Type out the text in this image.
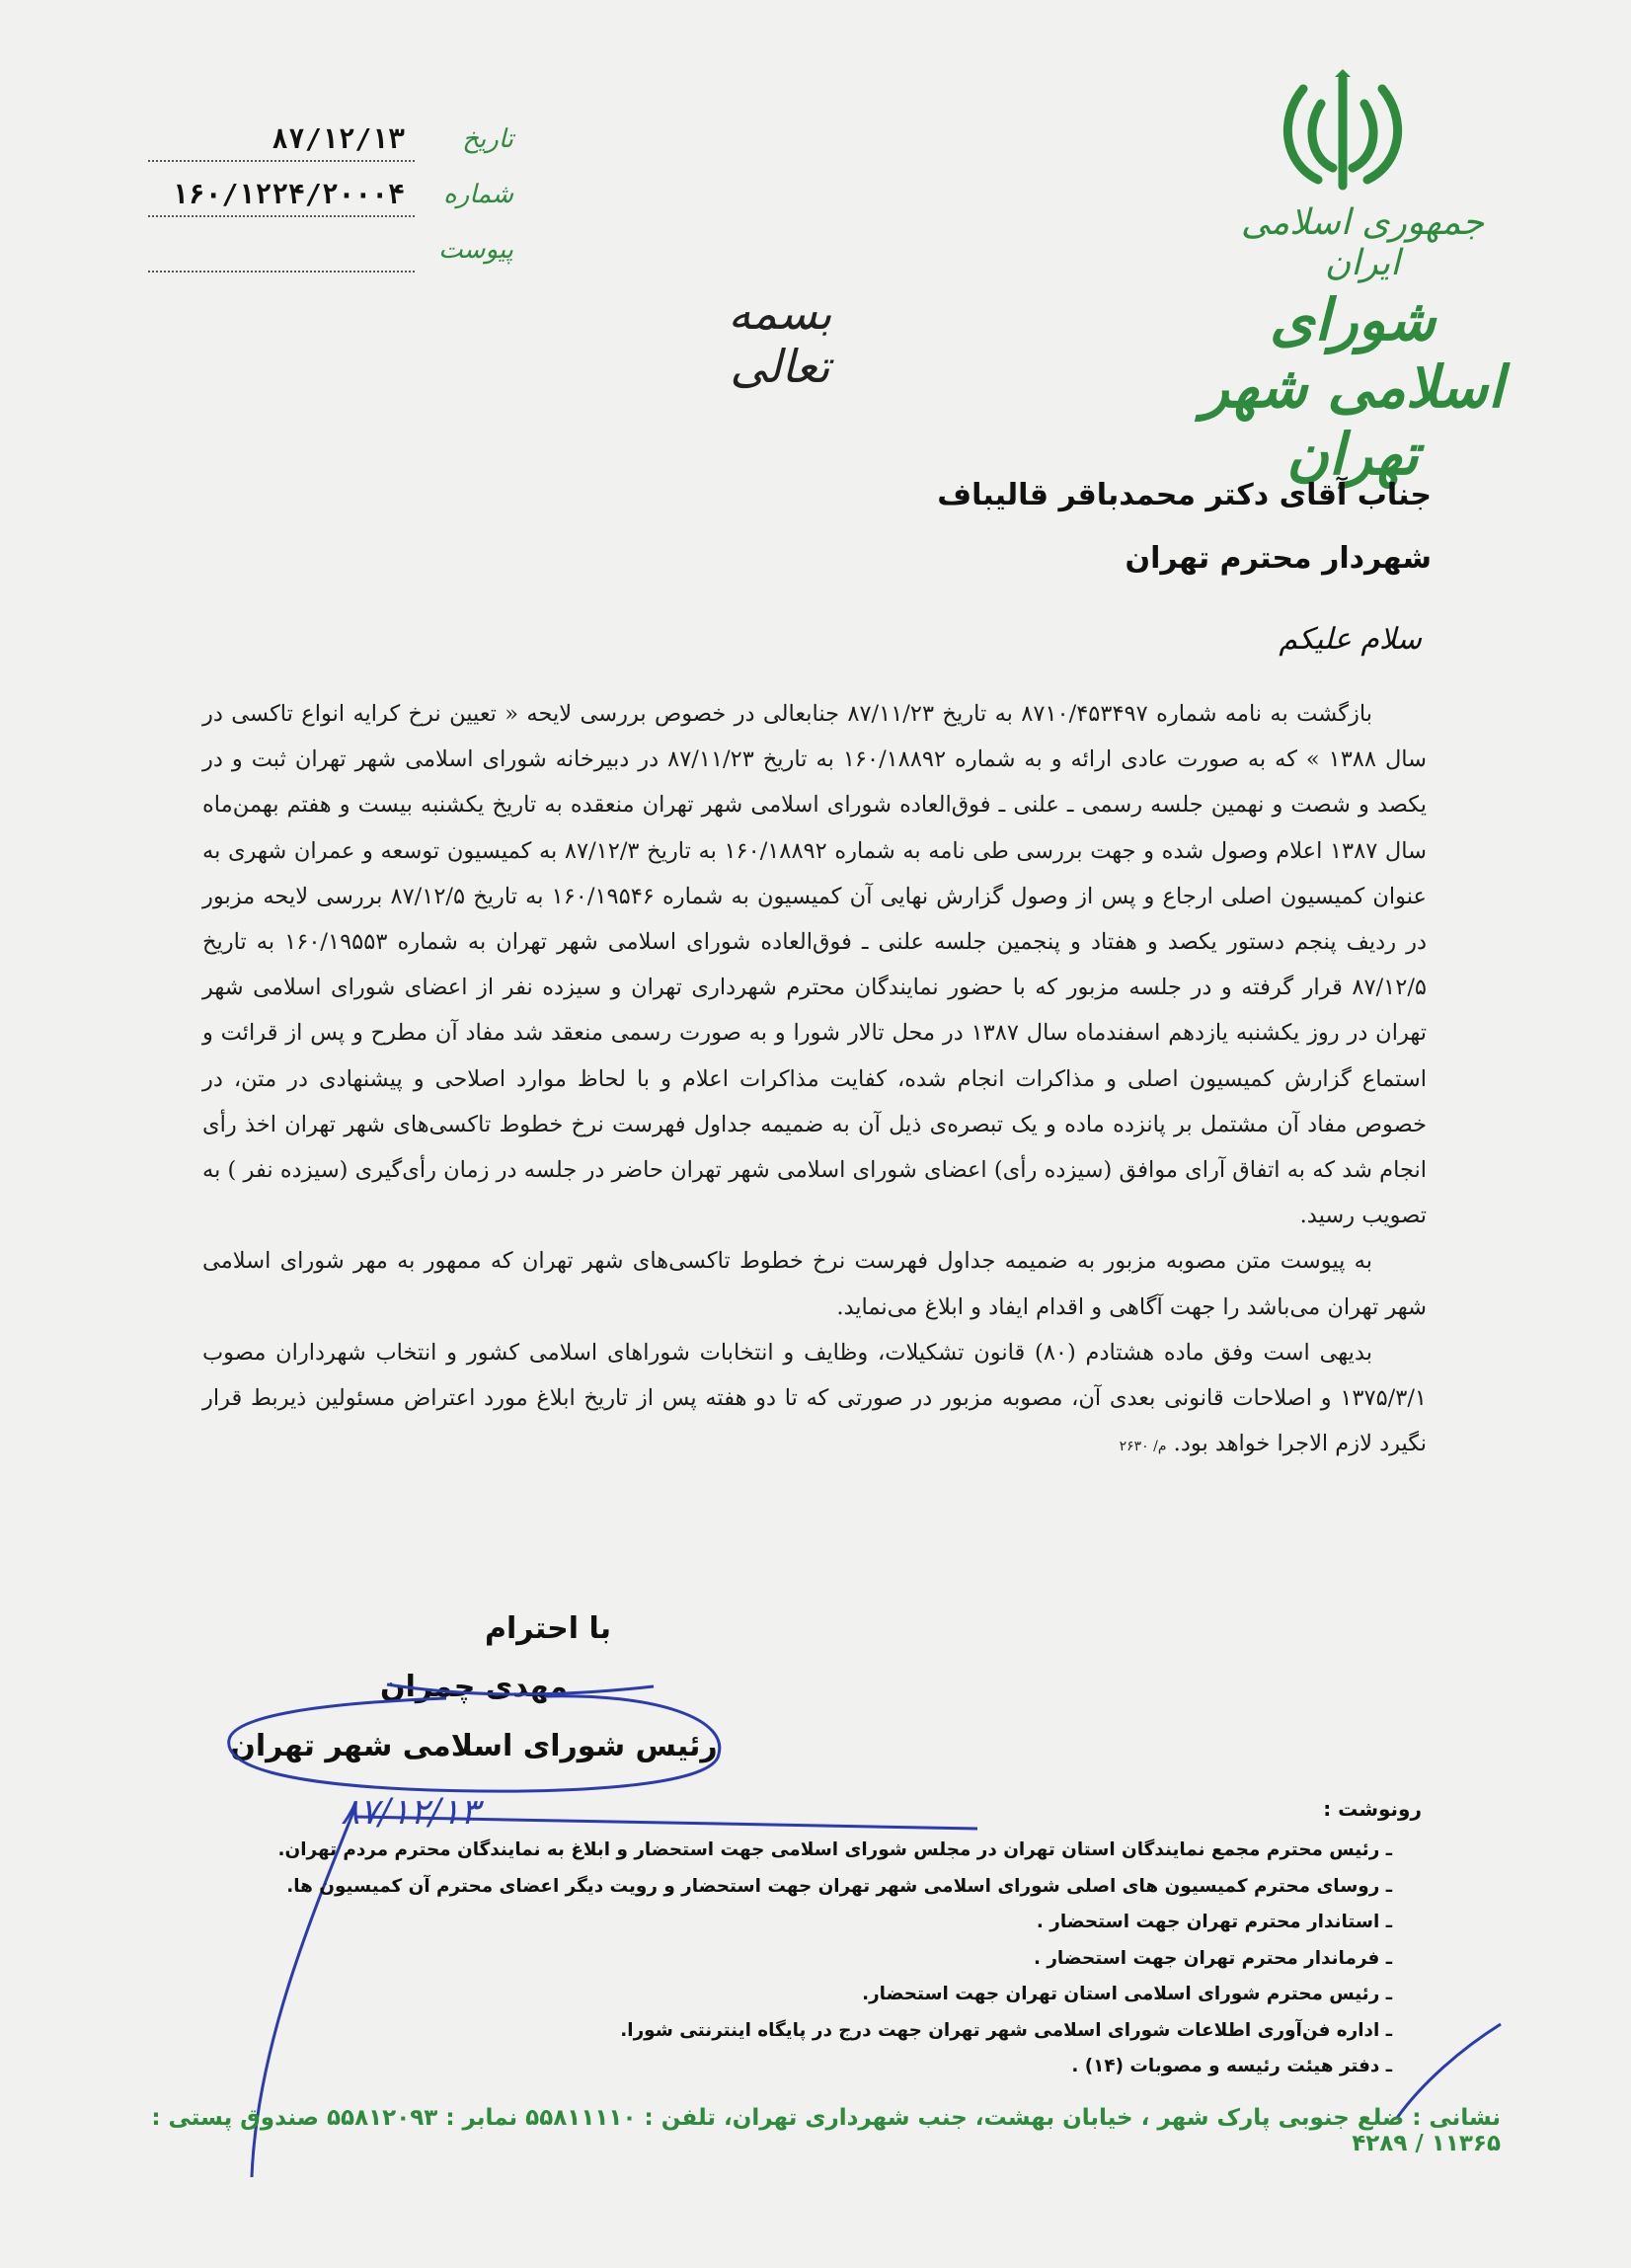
جمهوری اسلامی ایران
شورای اسلامی شهر تهران
بسمه تعالی
تاریخ
۸۷/۱۲/۱۳
شماره
۱۶۰/۱۲۲۴/۲۰۰۰۴
پیوست
جناب آقای دکتر محمدباقر قالیباف
شهردار محترم تهران
سلام علیکم

بازگشت به نامه شماره ۸۷۱۰/۴۵۳۴۹۷ به تاریخ ۸۷/۱۱/۲۳ جنابعالی در خصوص بررسی لایحه « تعیین نرخ کرایه انواع تاکسی در سال ۱۳۸۸ » که به صورت عادی ارائه و به شماره ۱۶۰/۱۸۸۹۲ به تاریخ ۸۷/۱۱/۲۳ در دبیرخانه شورای اسلامی شهر تهران ثبت و در یکصد و شصت و نهمین جلسه رسمی ـ علنی ـ فوق‌العاده شورای اسلامی شهر تهران منعقده به تاریخ یکشنبه بیست و هفتم بهمن‌ماه سال ۱۳۸۷ اعلام وصول شده و جهت بررسی طی نامه به شماره ۱۶۰/۱۸۸۹۲ به تاریخ ۸۷/۱۲/۳ به کمیسیون توسعه و عمران شهری به عنوان کمیسیون اصلی ارجاع و پس از وصول گزارش نهایی آن کمیسیون به شماره ۱۶۰/۱۹۵۴۶ به تاریخ ۸۷/۱۲/۵ بررسی لایحه مزبور در ردیف پنجم دستور یکصد و هفتاد و پنجمین جلسه علنی ـ فوق‌العاده شورای اسلامی شهر تهران به شماره ۱۶۰/۱۹۵۵۳ به تاریخ ۸۷/۱۲/۵ قرار گرفته و در جلسه مزبور که با حضور نمایندگان محترم شهرداری تهران و سیزده نفر از اعضای شورای اسلامی شهر تهران در روز یکشنبه یازدهم اسفندماه سال ۱۳۸۷ در محل تالار شورا و به صورت رسمی منعقد شد مفاد آن مطرح و پس از قرائت و استماع گزارش کمیسیون اصلی و مذاکرات انجام شده، کفایت مذاکرات اعلام و با لحاظ موارد اصلاحی و پیشنهادی در متن، در خصوص مفاد آن مشتمل بر پانزده ماده و یک تبصره‌ی ذیل آن به ضمیمه جداول فهرست نرخ خطوط تاکسی‌های شهر تهران اخذ رأی انجام شد که به اتفاق آرای موافق (سیزده رأی) اعضای شورای اسلامی شهر تهران حاضر در جلسه در زمان رأی‌گیری (سیزده نفر ) به تصویب رسید.

به پیوست متن مصوبه مزبور به ضمیمه جداول فهرست نرخ خطوط تاکسی‌های شهر تهران که ممهور به مهر شورای اسلامی شهر تهران می‌باشد را جهت آگاهی و اقدام ایفاد و ابلاغ می‌نماید.

بدیهی است وفق ماده هشتادم (۸۰) قانون تشکیلات، وظایف و انتخابات شوراهای اسلامی کشور و انتخاب شهرداران مصوب ۱۳۷۵/۳/۱ و اصلاحات قانونی بعدی آن، مصوبه مزبور در صورتی که تا دو هفته پس از تاریخ ابلاغ مورد اعتراض مسئولین ذیربط قرار نگیرد لازم الاجرا خواهد بود. م/ ۲۶۳۰

با احترام
مهدی چمران
رئیس شورای اسلامی شهر تهران
۸۷/۱۲/۱۳	رونوشت :
ـ رئیس محترم مجمع نمایندگان استان تهران در مجلس شورای اسلامی جهت استحضار و ابلاغ به نمایندگان محترم مردم تهران.
ـ روسای محترم کمیسیون های اصلی شورای اسلامی شهر تهران جهت استحضار و رویت دیگر اعضای محترم آن کمیسیون ها.
ـ استاندار محترم تهران جهت استحضار .
ـ فرماندار محترم تهران جهت استحضار .
ـ رئیس محترم شورای اسلامی استان تهران جهت استحضار.
ـ اداره فن‌آوری اطلاعات شورای اسلامی شهر تهران جهت درج در پایگاه اینترنتی شورا.
ـ دفتر هیئت رئیسه و مصوبات (۱۴) .
نشانی : ضلع جنوبی پارک شهر ، خیابان بهشت، جنب شهرداری تهران، تلفن : ۵۵۸۱۱۱۱۰ نمابر : ۵۵۸۱۲۰۹۳ صندوق پستی : ۱۱۳۶۵ / ۴۲۸۹
